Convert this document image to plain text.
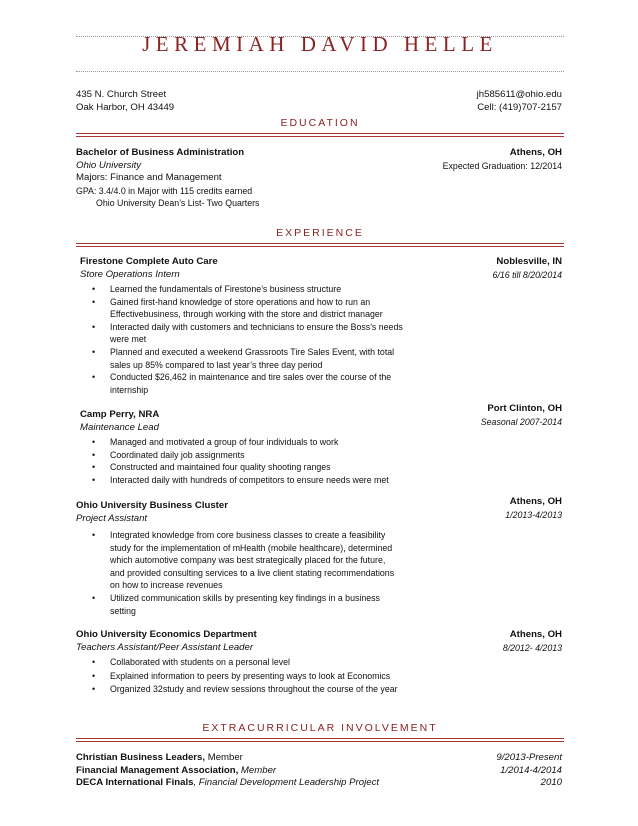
JEREMIAH DAVID HELLE
435 N. Church Street
Oak Harbor, OH 43449
jh585611@ohio.edu
Cell: (419)707-2157
EDUCATION
Bachelor of Business Administration
Ohio University
Majors: Finance and Management
GPA: 3.4/4.0 in Major with 115 credits earned
Ohio University Dean’s List- Two Quarters
Athens, OH
Expected Graduation: 12/2014
EXPERIENCE
Firestone Complete Auto Care
Store Operations Intern
Noblesville, IN
6/16 till 8/20/2014
• Learned the fundamentals of Firestone’s business structure
• Gained first-hand knowledge of store operations and how to run an
Effectivebusiness, through working with the store and district manager
• Interacted daily with customers and technicians to ensure the Boss’s needs
were met
• Planned and executed a weekend Grassroots Tire Sales Event, with total
sales up 85% compared to last year’s three day period
• Conducted $26,462 in maintenance and tire sales over the course of the
internship
Camp Perry, NRA
Maintenance Lead
Port Clinton, OH
Seasonal 2007-2014
• Managed and motivated a group of four individuals to work
• Coordinated daily job assignments
• Constructed and maintained four quality shooting ranges
• Interacted daily with hundreds of competitors to ensure needs were met
Ohio University Business Cluster
Project Assistant
Athens, OH
1/2013-4/2013
• Integrated knowledge from core business classes to create a feasibility
study for the implementation of mHealth (mobile healthcare), determined
which automotive company was best strategically placed for the future,
and provided consulting services to a live client stating recommendations
on how to increase revenues
• Utilized communication skills by presenting key findings in a business
setting
Ohio University Economics Department
Teachers Assistant/Peer Assistant Leader
Athens, OH
8/2012- 4/2013
• Collaborated with students on a personal level
• Explained information to peers by presenting ways to look at Economics
• Organized 32study and review sessions throughout the course of the year
EXTRACURRICULAR INVOLVEMENT
Christian Business Leaders, Member
Financial Management Association, Member
DECA International Finals, Financial Development Leadership Project
9/2013-Present
1/2014-4/2014
2010
